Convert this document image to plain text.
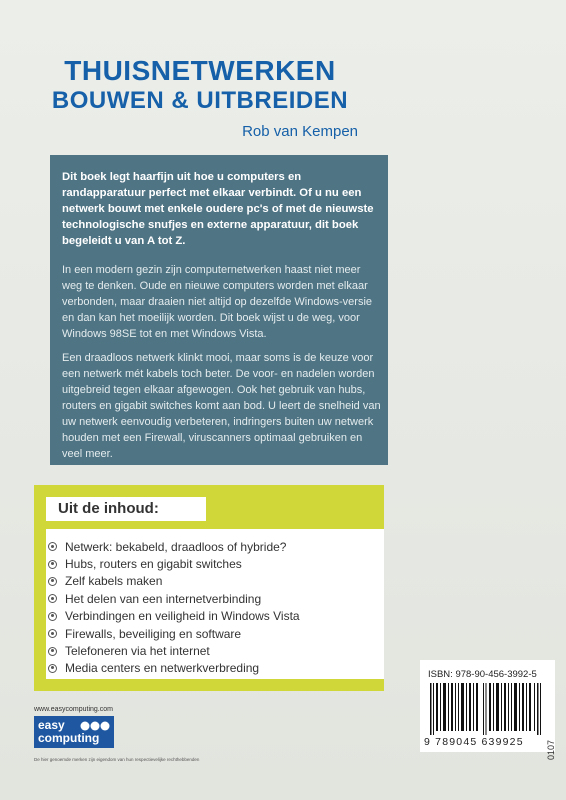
THUISNETWERKEN
BOUWEN & UITBREIDEN
Rob van Kempen

Dit boek legt haarfijn uit hoe u computers en randapparatuur perfect met elkaar verbindt. Of u nu een netwerk bouwt met enkele oudere pc's of met de nieuwste technologische snufjes en externe apparatuur, dit boek begeleidt u van A tot Z.

In een modern gezin zijn computernetwerken haast niet meer weg te denken. Oude en nieuwe computers worden met elkaar verbonden, maar draaien niet altijd op dezelfde Windows-versie en dan kan het moeilijk worden. Dit boek wijst u de weg, voor Windows 98SE tot en met Windows Vista.

Een draadloos netwerk klinkt mooi, maar soms is de keuze voor een netwerk mét kabels toch beter. De voor- en nadelen worden uitgebreid tegen elkaar afgewogen. Ook het gebruik van hubs, routers en gigabit switches komt aan bod. U leert de snelheid van uw netwerk eenvoudig verbeteren, indringers buiten uw netwerk houden met een Firewall, viruscanners optimaal gebruiken en veel meer.

Uit de inhoud:
Netwerk: bekabeld, draadloos of hybride?
Hubs, routers en gigabit switches
Zelf kabels maken
Het delen van een internetverbinding
Verbindingen en veiligheid in Windows Vista
Firewalls, beveiliging en software
Telefoneren via het internet
Media centers en netwerkverbreding
www.easycomputing.com
easy
computing
De hier genoemde merken zijn eigendom van hun respectievelijke rechthebbenden
ISBN: 978-90-456-3992-5
9 789045 639925 0107
